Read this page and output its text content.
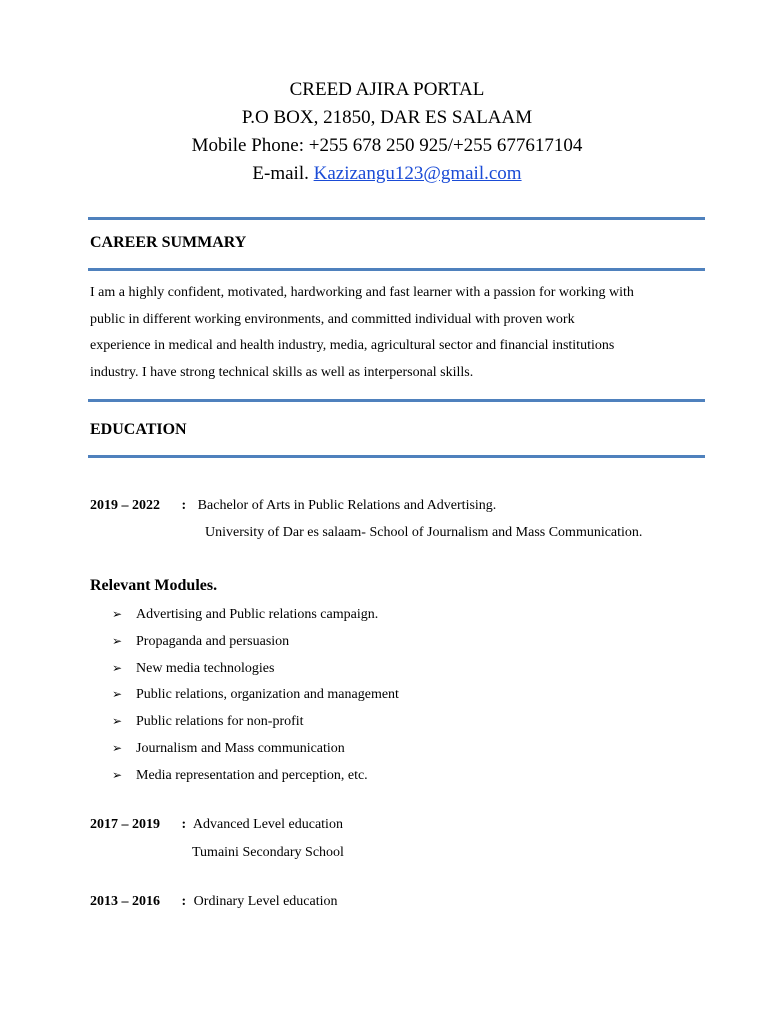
CREED AJIRA PORTAL
P.O BOX, 21850, DAR ES SALAAM
Mobile Phone: +255 678 250 925/+255 677617104
E-mail. Kazizangu123@gmail.com
CAREER SUMMARY
I am a highly confident, motivated, hardworking and fast learner with a passion for working with
public in different working environments, and committed individual with proven work
experience in medical and health industry, media, agricultural sector and financial institutions
industry. I have strong technical skills as well as interpersonal skills.
EDUCATION
2019 – 2022 : Bachelor of Arts in Public Relations and Advertising.
University of Dar es salaam- School of Journalism and Mass Communication.
Relevant Modules.
➢ Advertising and Public relations campaign.
➢ Propaganda and persuasion
➢ New media technologies
➢ Public relations, organization and management
➢ Public relations for non-profit
➢ Journalism and Mass communication
➢ Media representation and perception, etc.
2017 – 2019 : Advanced Level education
Tumaini Secondary School
2013 – 2016 : Ordinary Level education
